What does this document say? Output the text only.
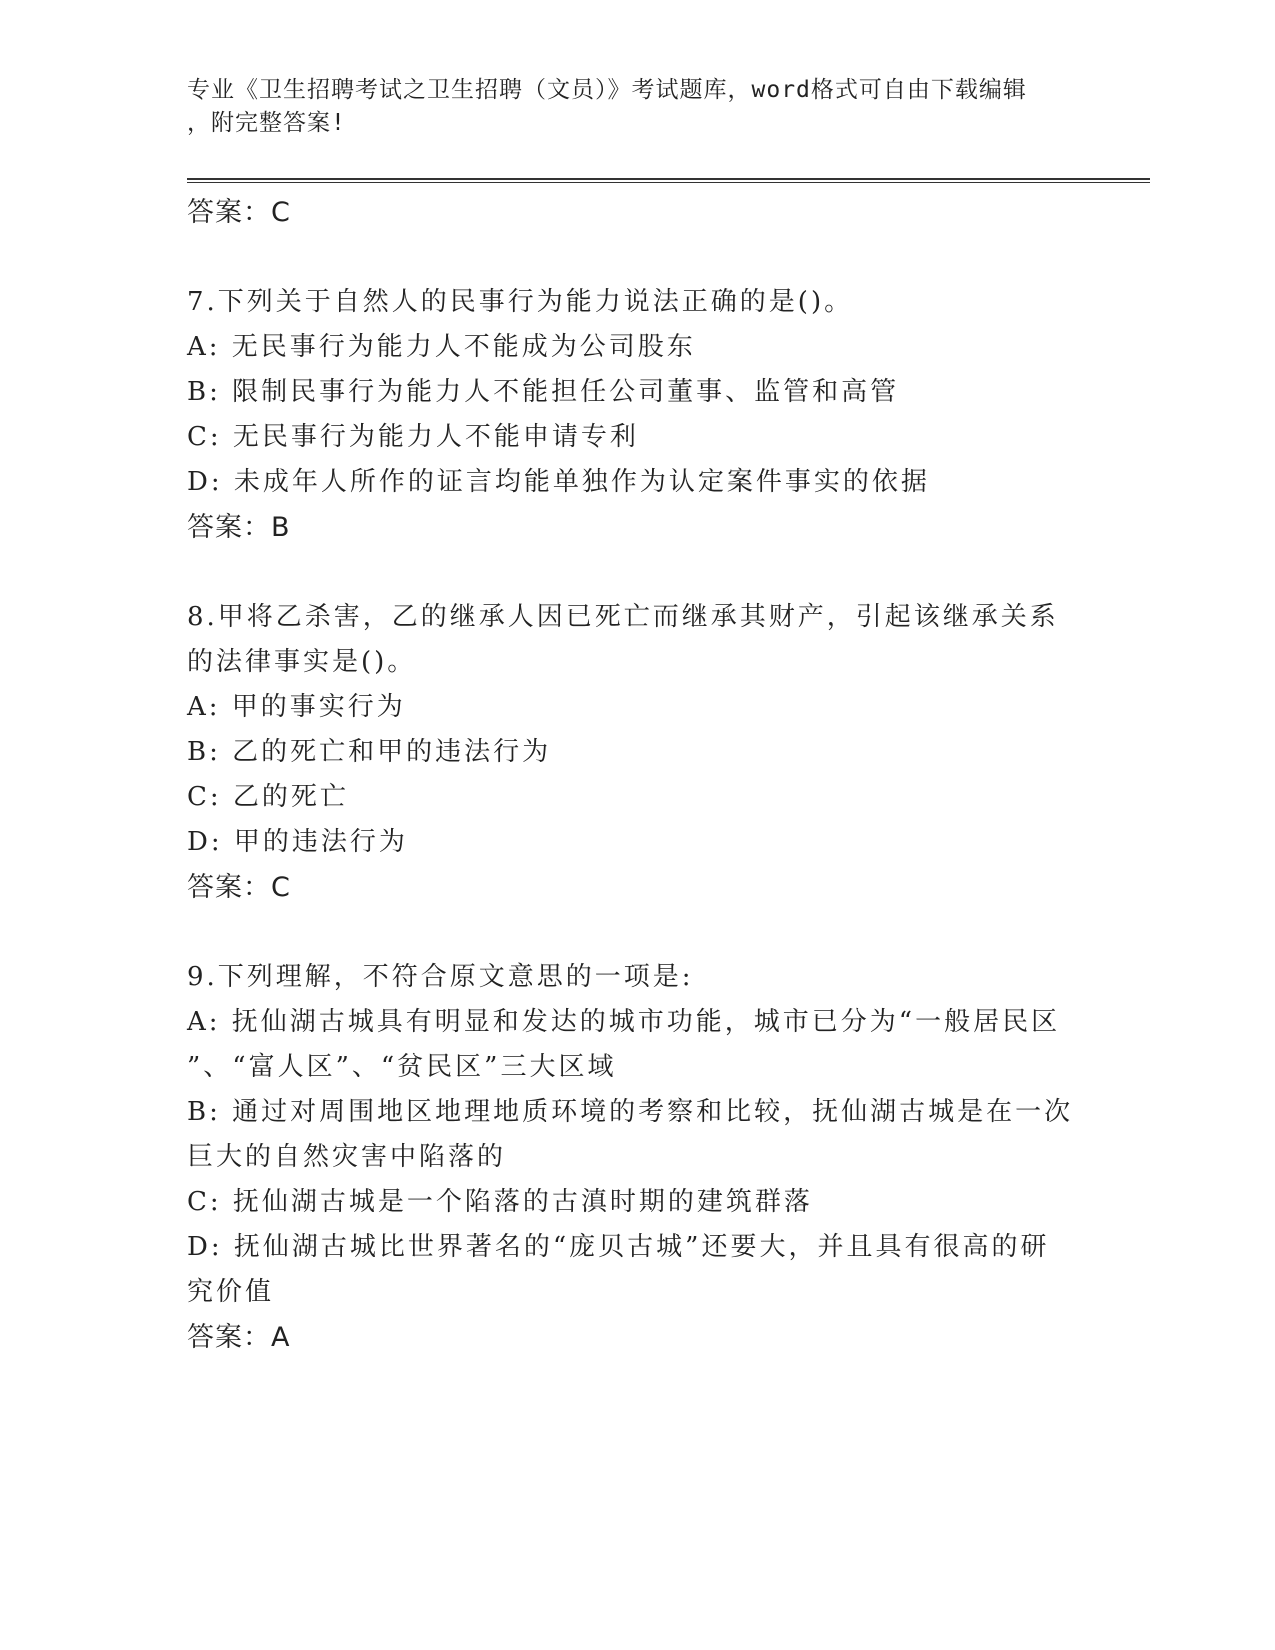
专业《卫生招聘考试之卫生招聘（文员）》考试题库，word格式可自由下载编辑
，附完整答案!
答案：C
7.下列关于自然人的民事行为能力说法正确的是()。
A: 无民事行为能力人不能成为公司股东
B: 限制民事行为能力人不能担任公司董事、监管和高管
C: 无民事行为能力人不能申请专利
D: 未成年人所作的证言均能单独作为认定案件事实的依据
答案：B
8.甲将乙杀害，乙的继承人因已死亡而继承其财产，引起该继承关系
的法律事实是()。
A: 甲的事实行为
B: 乙的死亡和甲的违法行为
C: 乙的死亡
D: 甲的违法行为
答案：C
9.下列理解，不符合原文意思的一项是:
A: 抚仙湖古城具有明显和发达的城市功能，城市已分为“一般居民区
”、“富人区”、“贫民区”三大区域
B: 通过对周围地区地理地质环境的考察和比较，抚仙湖古城是在一次
巨大的自然灾害中陷落的
C: 抚仙湖古城是一个陷落的古滇时期的建筑群落
D: 抚仙湖古城比世界著名的“庞贝古城”还要大，并且具有很高的研
究价值
答案：A
